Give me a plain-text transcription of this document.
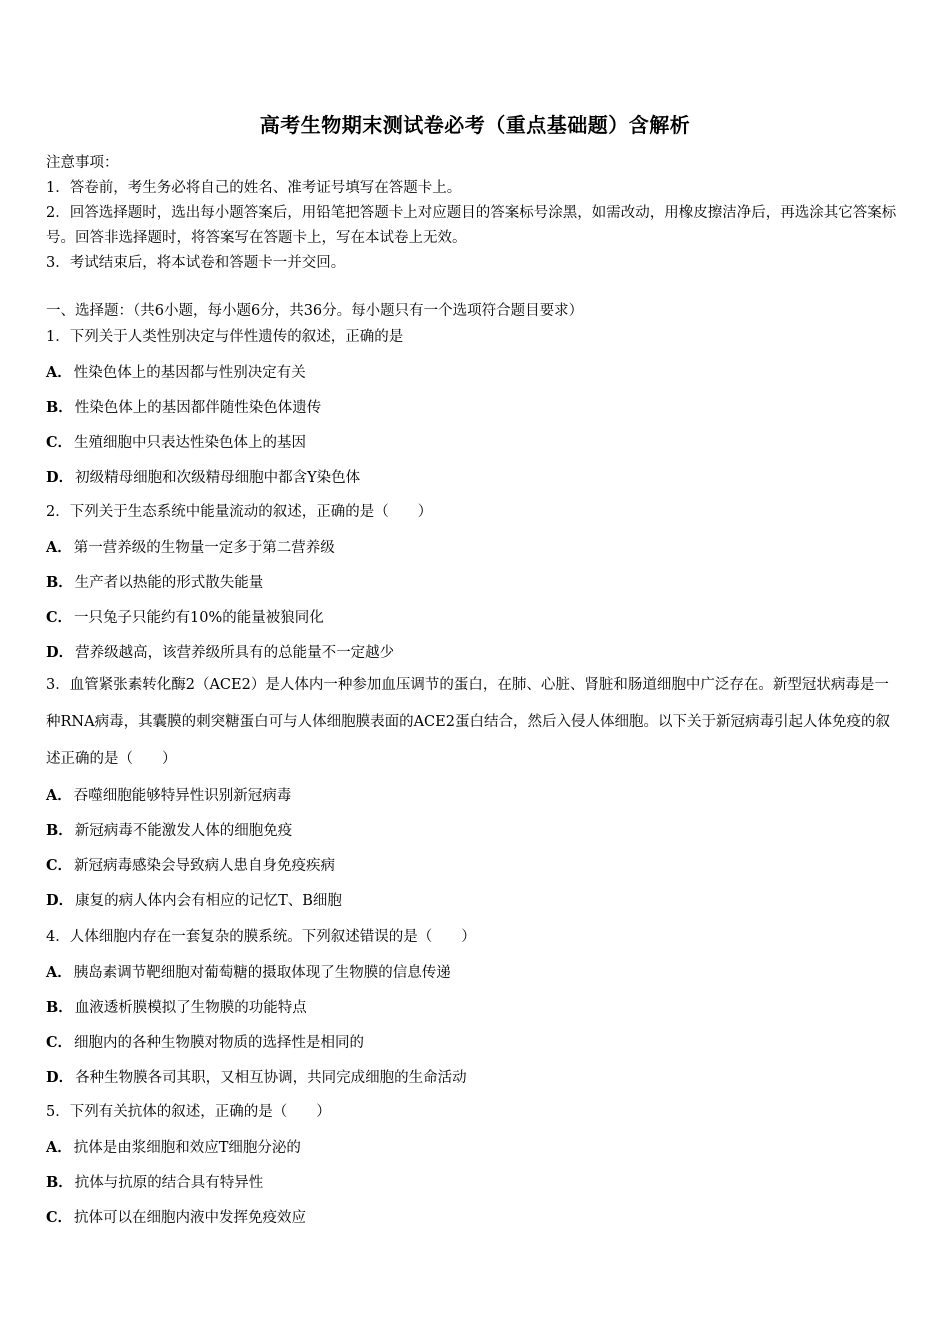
高考生物期末测试卷必考（重点基础题）含解析

注意事项：

1．答卷前，考生务必将自己的姓名、准考证号填写在答题卡上。

2．回答选择题时，选出每小题答案后，用铅笔把答题卡上对应题目的答案标号涂黑，如需改动，用橡皮擦洁净后，再选涂其它答案标号。回答非选择题时，将答案写在答题卡上，写在本试卷上无效。

3．考试结束后，将本试卷和答题卡一并交回。

一、选择题：（共6小题，每小题6分，共36分。每小题只有一个选项符合题目要求）

1．下列关于人类性别决定与伴性遗传的叙述，正确的是
A． 性染色体上的基因都与性别决定有关
B． 性染色体上的基因都伴随性染色体遗传
C． 生殖细胞中只表达性染色体上的基因
D． 初级精母细胞和次级精母细胞中都含Y染色体
2．下列关于生态系统中能量流动的叙述，正确的是（　　）
A． 第一营养级的生物量一定多于第二营养级
B． 生产者以热能的形式散失能量
C． 一只兔子只能约有10%的能量被狼同化
D． 营养级越高，该营养级所具有的总能量不一定越少
3．血管紧张素转化酶2（ACE2）是人体内一种参加血压调节的蛋白，在肺、心脏、肾脏和肠道细胞中广泛存在。新型冠状病毒是一种RNA病毒，其囊膜的刺突糖蛋白可与人体细胞膜表面的ACE2蛋白结合，然后入侵人体细胞。以下关于新冠病毒引起人体免疫的叙述正确的是（　　）
A． 吞噬细胞能够特异性识别新冠病毒
B． 新冠病毒不能激发人体的细胞免疫
C． 新冠病毒感染会导致病人患自身免疫疾病
D． 康复的病人体内会有相应的记忆T、B细胞
4．人体细胞内存在一套复杂的膜系统。下列叙述错误的是（　　）
A． 胰岛素调节靶细胞对葡萄糖的摄取体现了生物膜的信息传递
B． 血液透析膜模拟了生物膜的功能特点
C． 细胞内的各种生物膜对物质的选择性是相同的
D． 各种生物膜各司其职，又相互协调，共同完成细胞的生命活动
5．下列有关抗体的叙述，正确的是（　　）
A． 抗体是由浆细胞和效应T细胞分泌的
B． 抗体与抗原的结合具有特异性
C． 抗体可以在细胞内液中发挥免疫效应
